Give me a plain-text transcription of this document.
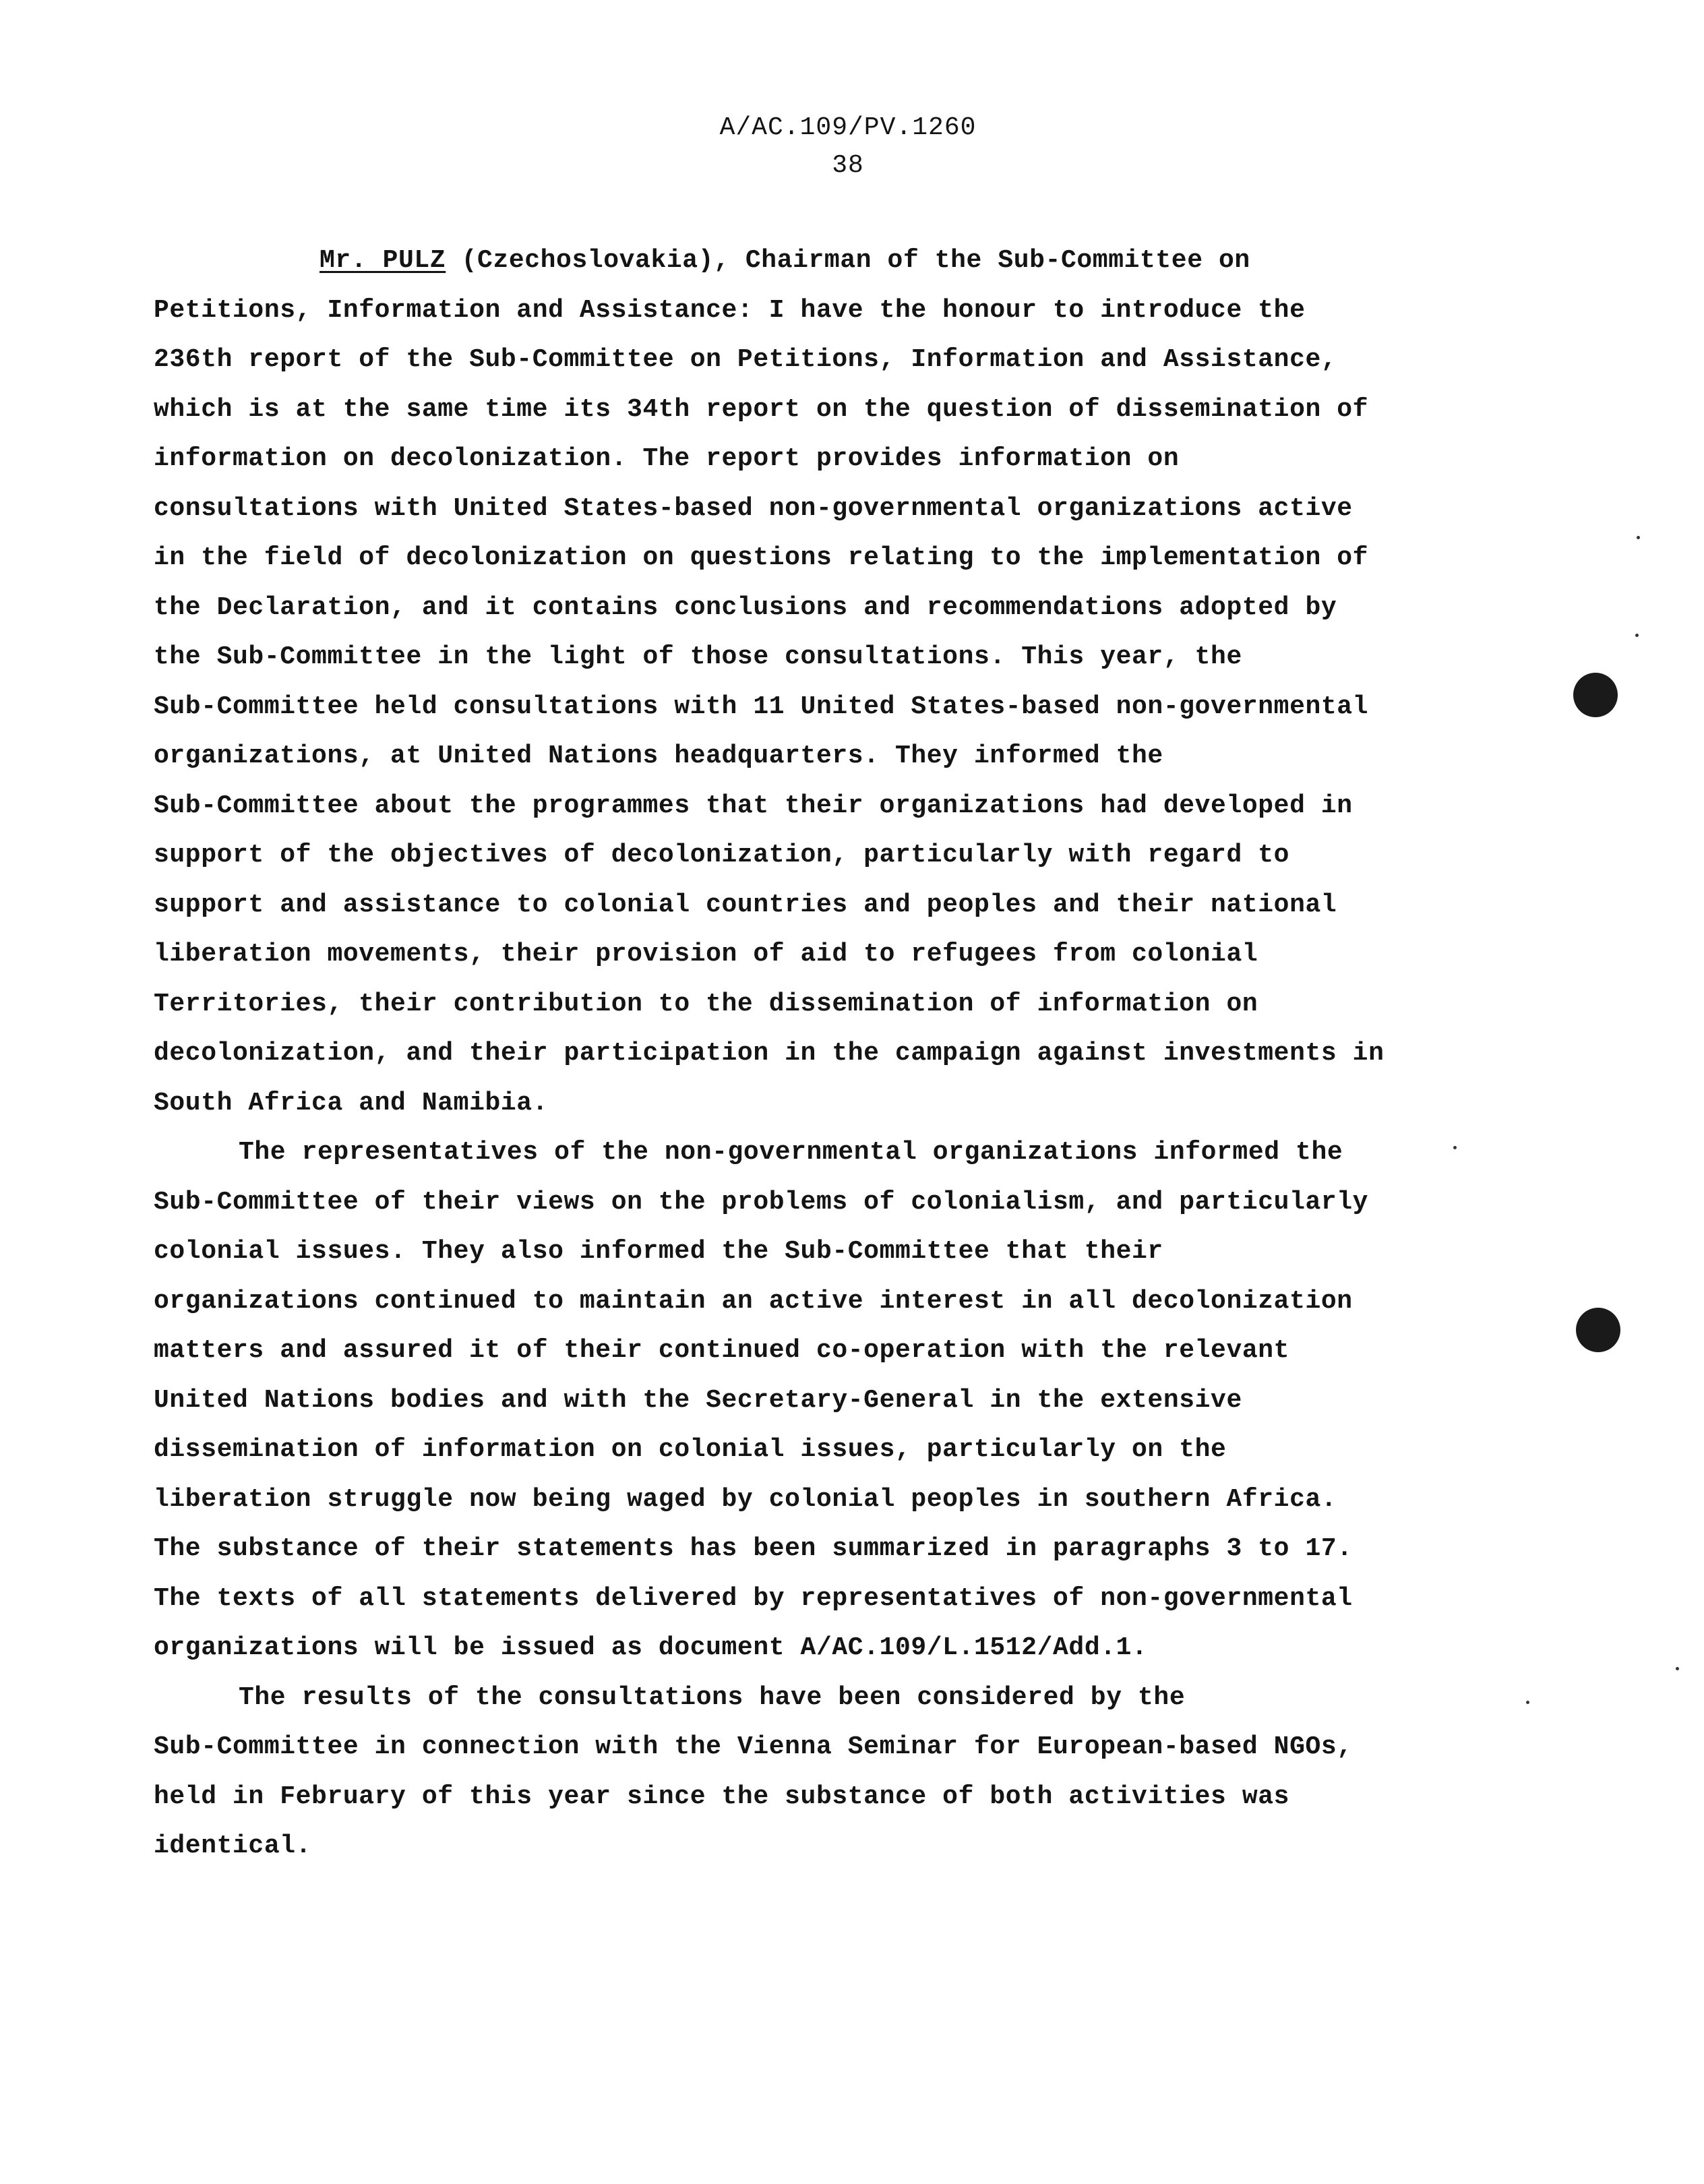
A/AC.109/PV.1260
38
Mr. PULZ (Czechoslovakia), Chairman of the Sub-Committee on
Petitions, Information and Assistance: I have the honour to introduce the
236th report of the Sub-Committee on Petitions, Information and Assistance,
which is at the same time its 34th report on the question of dissemination of
information on decolonization. The report provides information on
consultations with United States-based non-governmental organizations active
in the field of decolonization on questions relating to the implementation of
the Declaration, and it contains conclusions and recommendations adopted by
the Sub-Committee in the light of those consultations. This year, the
Sub-Committee held consultations with 11 United States-based non-governmental
organizations, at United Nations headquarters. They informed the
Sub-Committee about the programmes that their organizations had developed in
support of the objectives of decolonization, particularly with regard to
support and assistance to colonial countries and peoples and their national
liberation movements, their provision of aid to refugees from colonial
Territories, their contribution to the dissemination of information on
decolonization, and their participation in the campaign against investments in
South Africa and Namibia.
The representatives of the non-governmental organizations informed the
Sub-Committee of their views on the problems of colonialism, and particularly
colonial issues. They also informed the Sub-Committee that their
organizations continued to maintain an active interest in all decolonization
matters and assured it of their continued co-operation with the relevant
United Nations bodies and with the Secretary-General in the extensive
dissemination of information on colonial issues, particularly on the
liberation struggle now being waged by colonial peoples in southern Africa.
The substance of their statements has been summarized in paragraphs 3 to 17.
The texts of all statements delivered by representatives of non-governmental
organizations will be issued as document A/AC.109/L.1512/Add.1.
The results of the consultations have been considered by the
Sub-Committee in connection with the Vienna Seminar for European-based NGOs,
held in February of this year since the substance of both activities was
identical.
